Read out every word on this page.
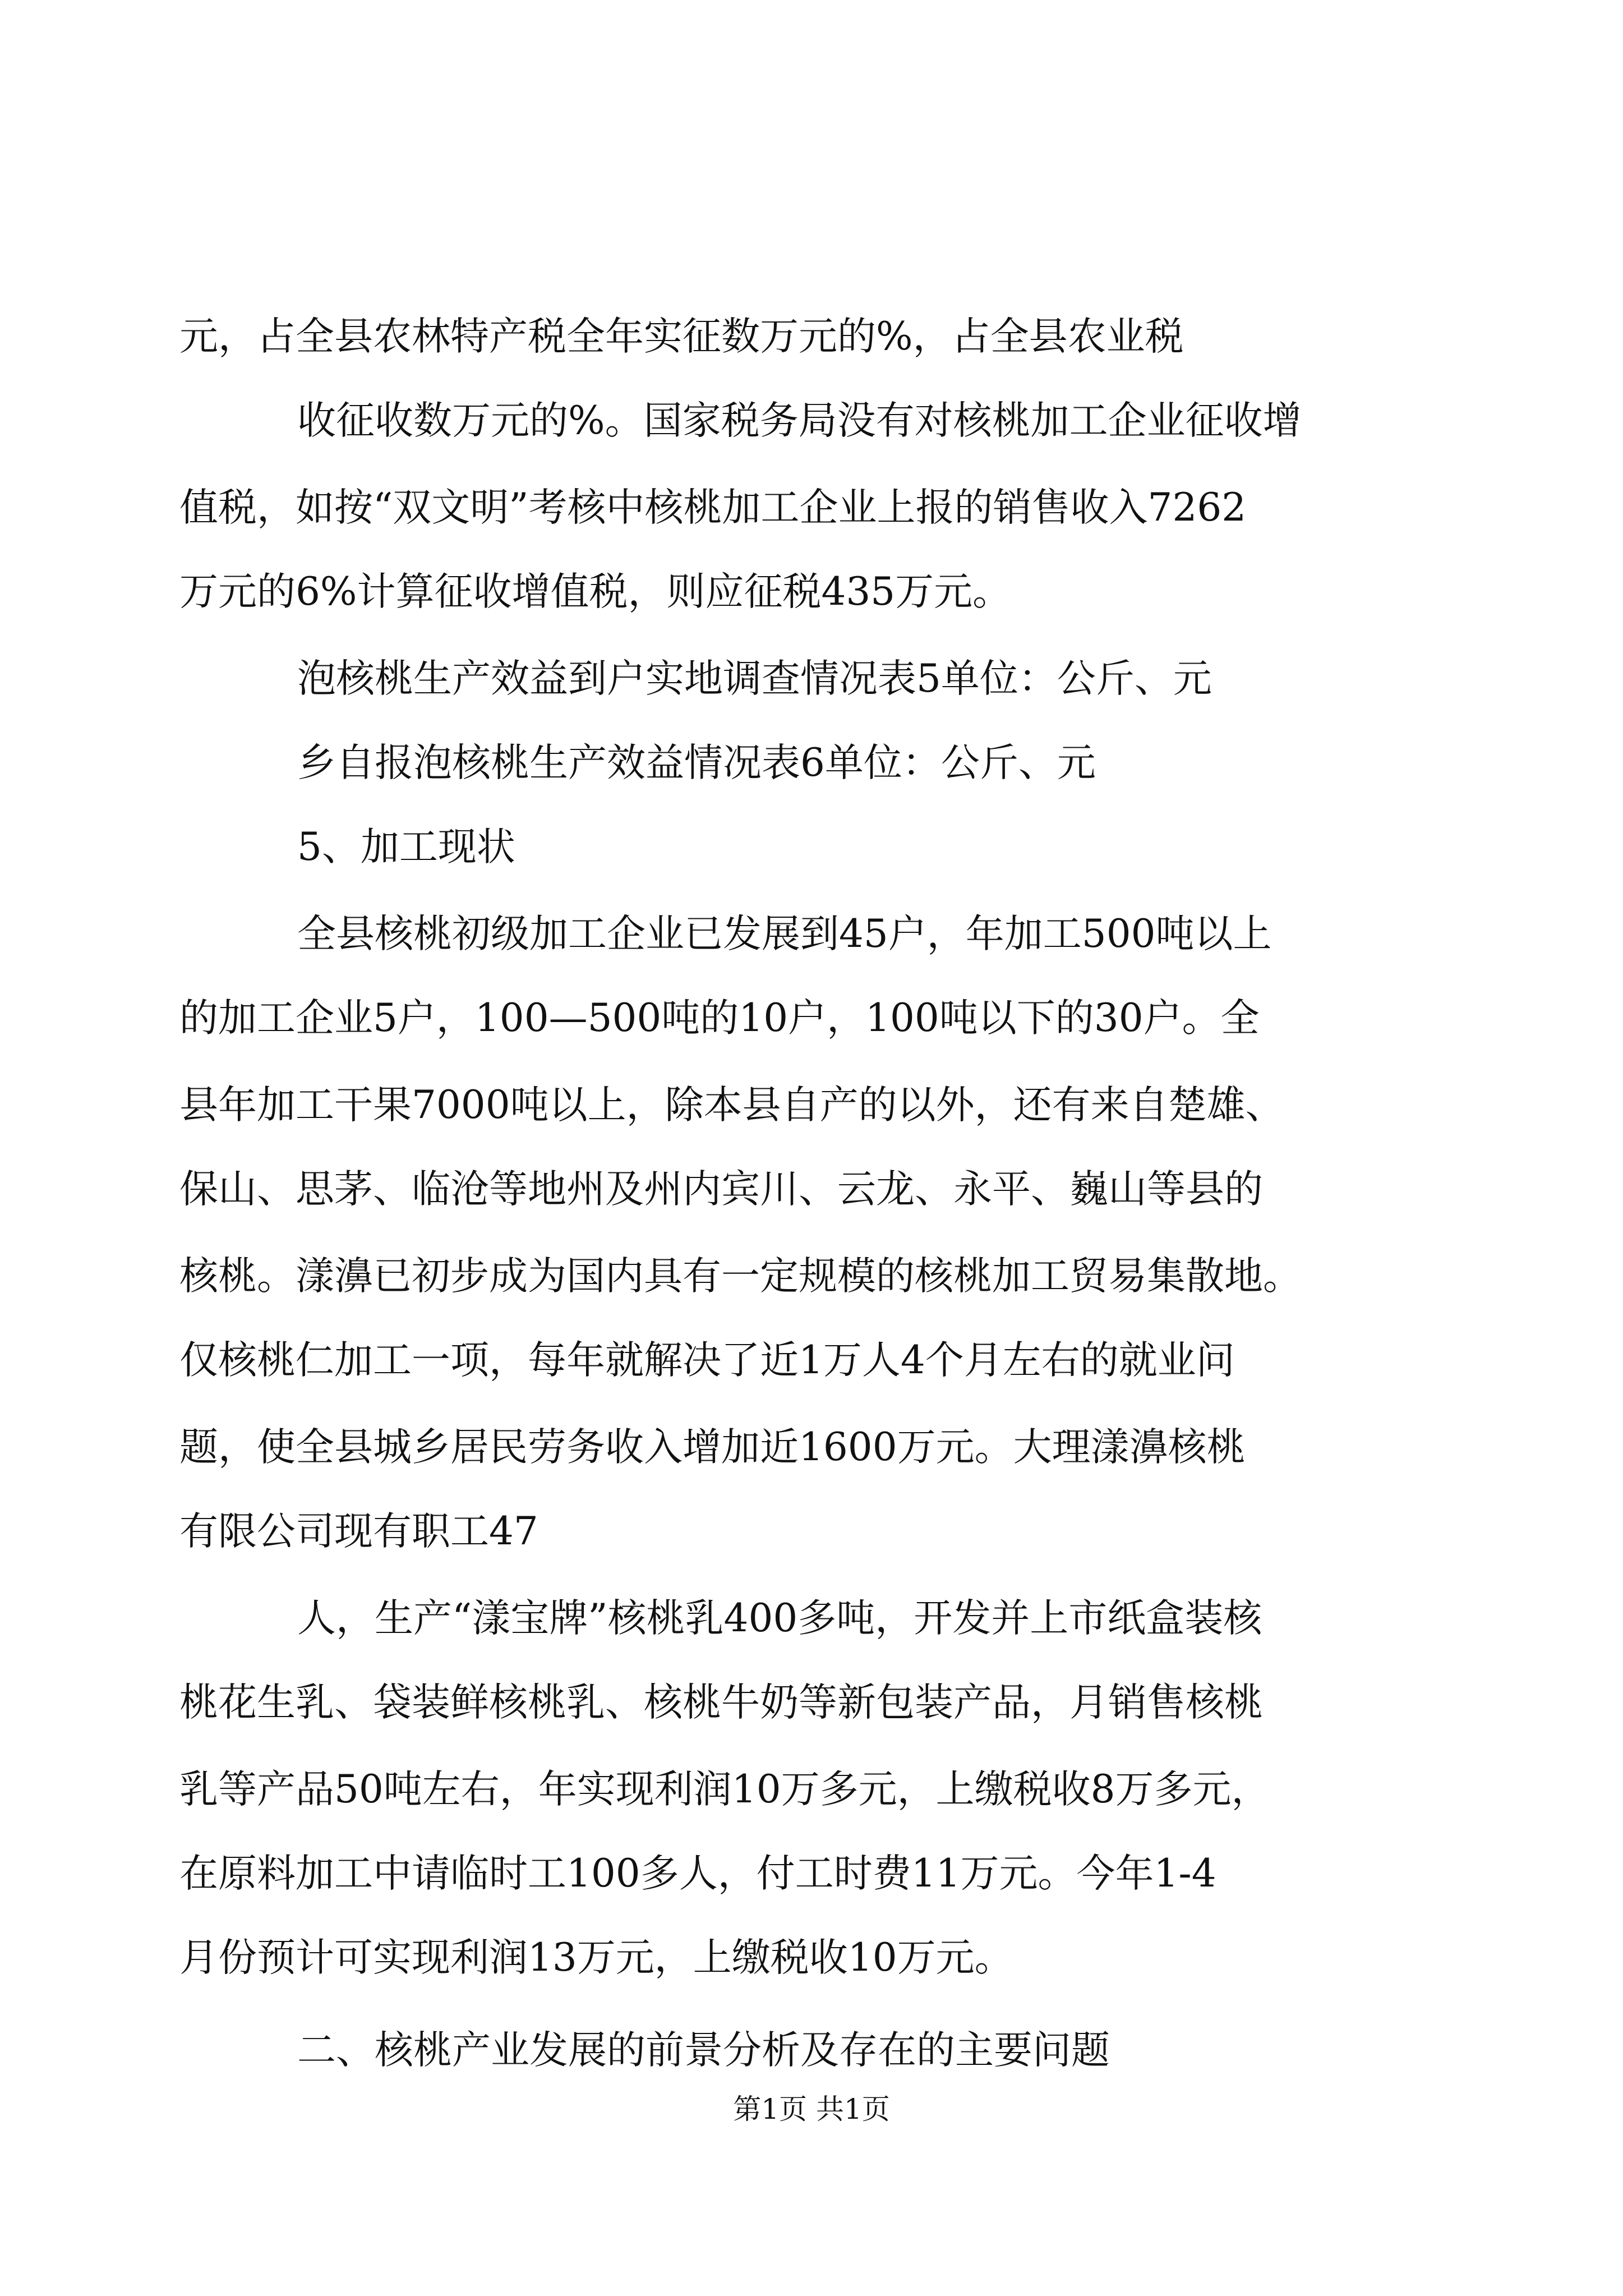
元，占全县农林特产税全年实征数万元的%，占全县农业税

收征收数万元的%。国家税务局没有对核桃加工企业征收增

值税，如按“双文明”考核中核桃加工企业上报的销售收入7262

万元的6%计算征收增值税，则应征税435万元。

泡核桃生产效益到户实地调查情况表5单位：公斤、元

乡自报泡核桃生产效益情况表6单位：公斤、元

5、加工现状

全县核桃初级加工企业已发展到45户，年加工500吨以上

的加工企业5户，100—500吨的10户，100吨以下的30户。全

县年加工干果7000吨以上，除本县自产的以外，还有来自楚雄、

保山、思茅、临沧等地州及州内宾川、云龙、永平、巍山等县的

核桃。漾濞已初步成为国内具有一定规模的核桃加工贸易集散地。

仅核桃仁加工一项，每年就解决了近1万人4个月左右的就业问

题，使全县城乡居民劳务收入增加近1600万元。大理漾濞核桃

有限公司现有职工47

人，生产“漾宝牌”核桃乳400多吨，开发并上市纸盒装核

桃花生乳、袋装鲜核桃乳、核桃牛奶等新包装产品，月销售核桃

乳等产品50吨左右，年实现利润10万多元，上缴税收8万多元，

在原料加工中请临时工100多人，付工时费11万元。今年1-4

月份预计可实现利润13万元，上缴税收10万元。

二、核桃产业发展的前景分析及存在的主要问题

第1页 共1页
